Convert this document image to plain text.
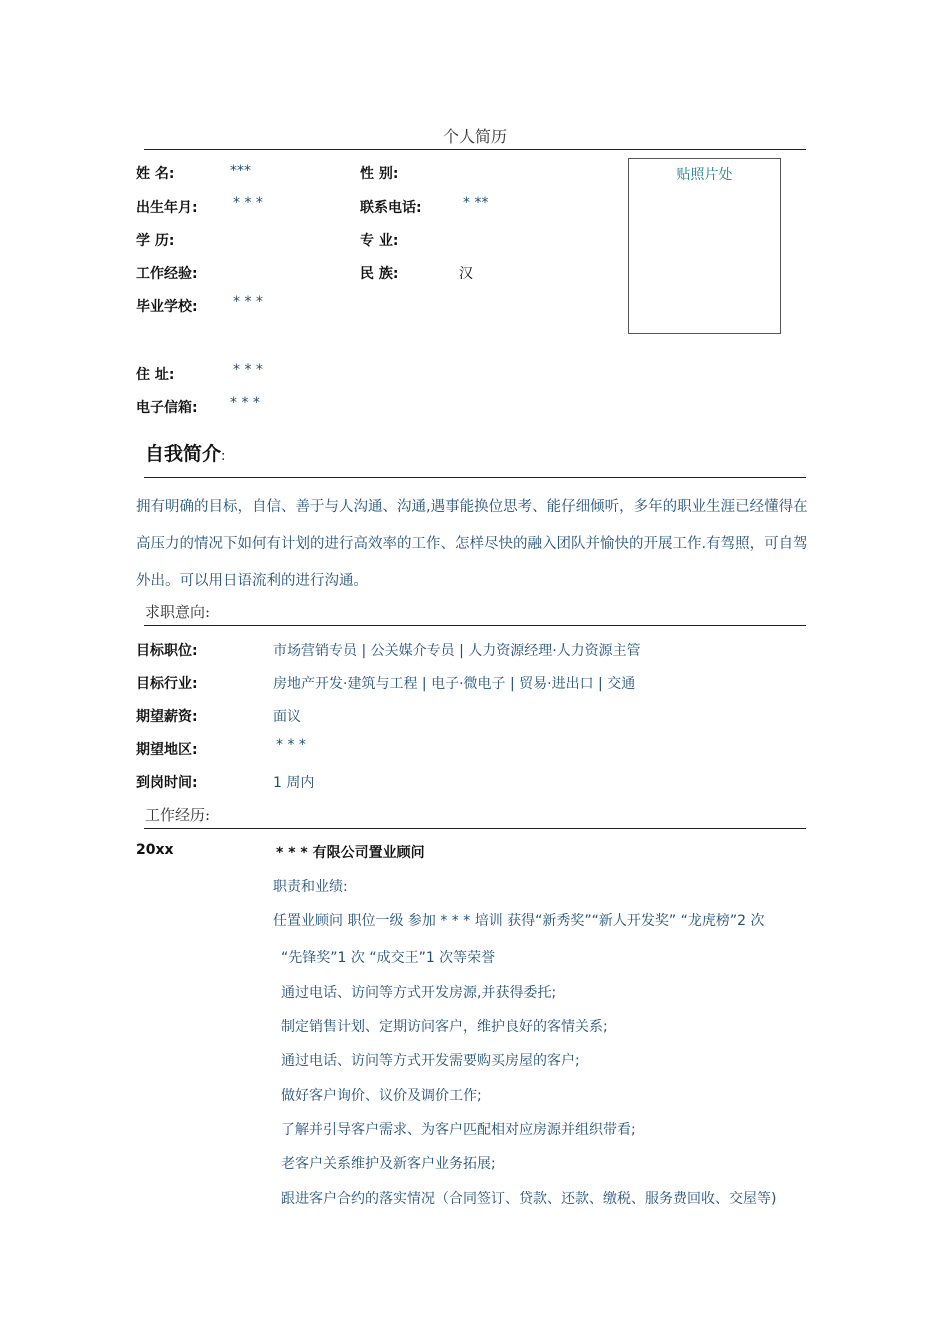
个人简历
姓 名:	***	性 别:
出生年月:	* * *	联系电话:	* **
学 历:	专 业:
工作经验:	民 族:	汉
毕业学校:	* * *
住 址:	* * *
电子信箱: * * *
贴照片处
自我简介:
拥有明确的目标，自信、善于与人沟通、沟通,遇事能换位思考、能仔细倾听，多年的职业生涯已经懂得在
高压力的情况下如何有计划的进行高效率的工作、怎样尽快的融入团队并愉快的开展工作.有驾照，可自驾
外出。可以用日语流利的进行沟通。
求职意向:
目标职位:	市场营销专员 | 公关媒介专员 | 人力资源经理·人力资源主管
目标行业:	房地产开发·建筑与工程 | 电子·微电子 | 贸易·进出口 | 交通
期望薪资:	面议
期望地区:	* * *
到岗时间:	1 周内
工作经历:
20xx	* * * 有限公司置业顾问
职责和业绩:
任置业顾问 职位一级 参加 * * * 培训 获得“新秀奖”“新人开发奖” “龙虎榜”2 次
“先锋奖”1 次 “成交王”1 次等荣誉
通过电话、访问等方式开发房源,并获得委托;
制定销售计划、定期访问客户，维护良好的客情关系;
通过电话、访问等方式开发需要购买房屋的客户;
做好客户询价、议价及调价工作;
了解并引导客户需求、为客户匹配相对应房源并组织带看;
老客户关系维护及新客户业务拓展;
跟进客户合约的落实情况（合同签订、贷款、还款、缴税、服务费回收、交屋等)
